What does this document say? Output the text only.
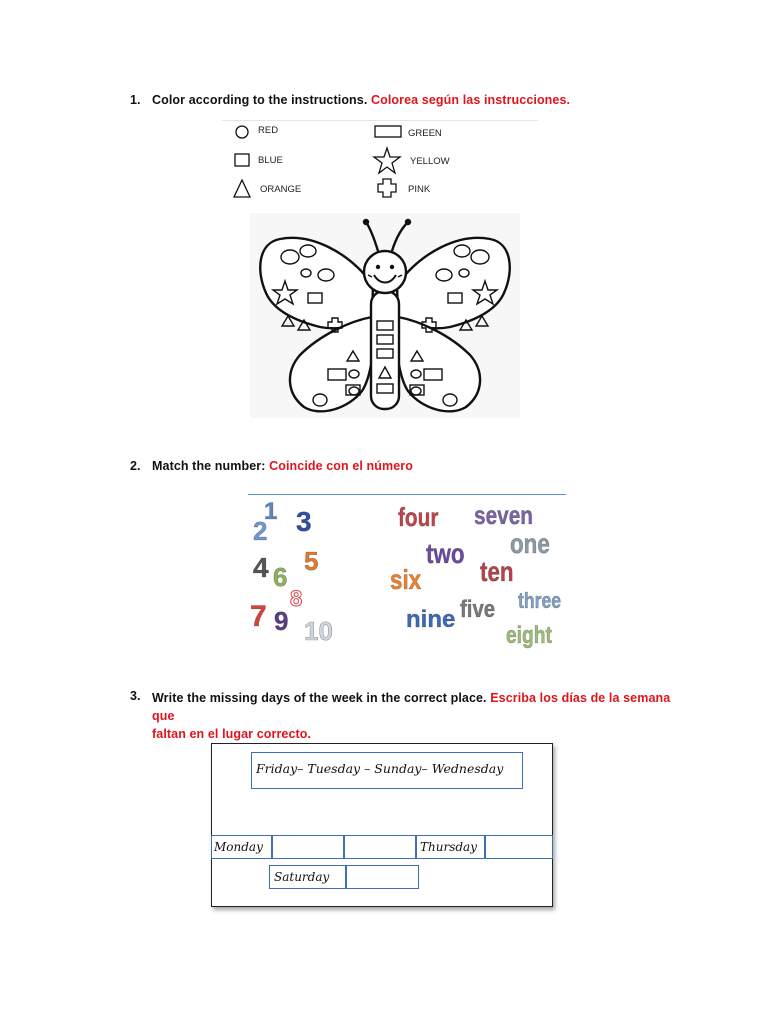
1. Color according to the instructions. Colorea según las instrucciones.
RED
BLUE
ORANGE
GREEN
YELLOW
PINK
2. Match the number: Coincide con el número
1
2 3
4 5
6
7
8
9 10
four seven
one
two
ten
six
three
nine five
eight
3. Write the missing days of the week in the correct place. Escriba los días de la semana que
faltan en el lugar correcto.
Friday– Tuesday – Sunday– Wednesday
Monday	Thursday
Saturday
